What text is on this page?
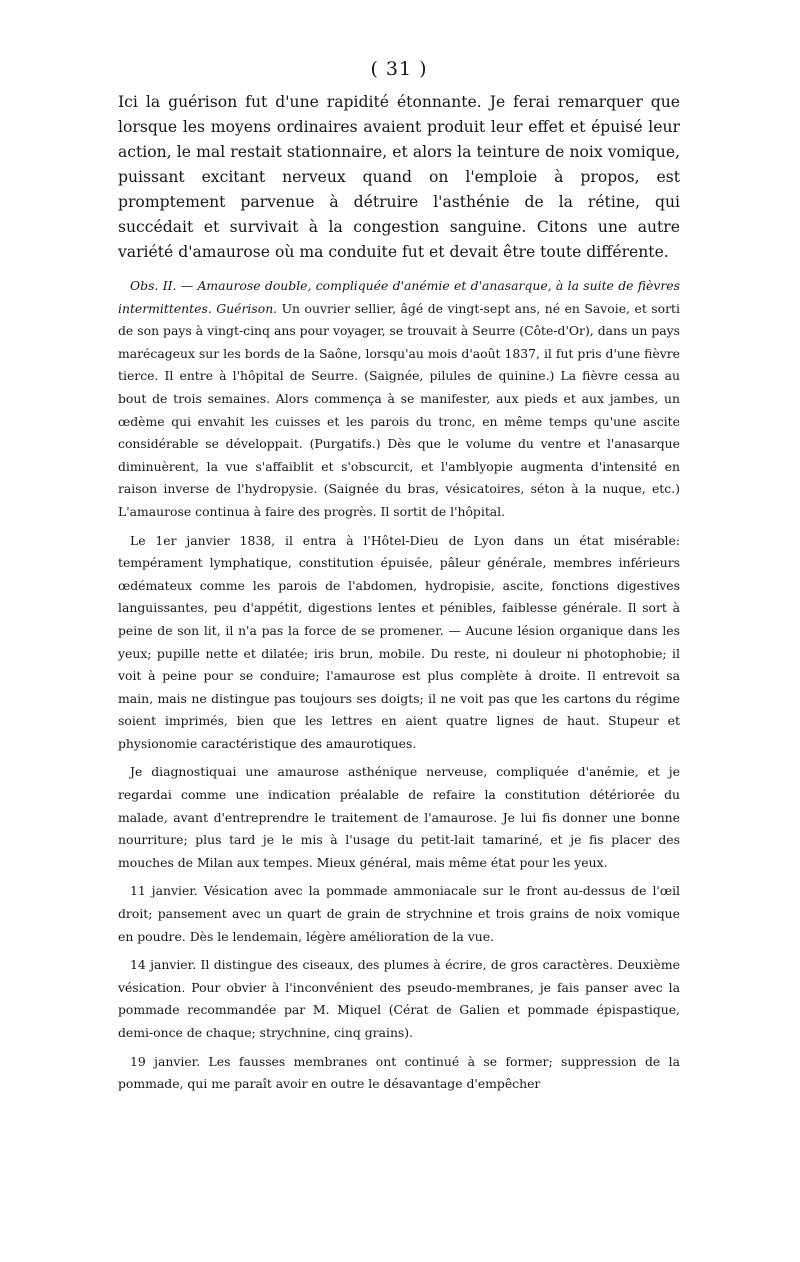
( 31 )

Ici la guérison fut d'une rapidité étonnante. Je ferai remarquer que lorsque les moyens ordinaires avaient produit leur effet et épuisé leur action, le mal restait stationnaire, et alors la teinture de noix vomique, puissant excitant nerveux quand on l'emploie à propos, est promptement parvenue à détruire l'asthénie de la rétine, qui succédait et survivait à la congestion sanguine. Citons une autre variété d'amaurose où ma conduite fut et devait être toute différente.

Obs. II. — Amaurose double, compliquée d'anémie et d'anasarque, à la suite de fièvres intermittentes. Guérison. Un ouvrier sellier, âgé de vingt-sept ans, né en Savoie, et sorti de son pays à vingt-cinq ans pour voyager, se trouvait à Seurre (Côte-d'Or), dans un pays marécageux sur les bords de la Saône, lorsqu'au mois d'août 1837, il fut pris d'une fièvre tierce. Il entre à l'hôpital de Seurre. (Saignée, pilules de quinine.) La fièvre cessa au bout de trois semaines. Alors commença à se manifester, aux pieds et aux jambes, un œdème qui envahit les cuisses et les parois du tronc, en même temps qu'une ascite considérable se développait. (Purgatifs.) Dès que le volume du ventre et l'anasarque diminuèrent, la vue s'affaiblit et s'obscurcit, et l'amblyopie augmenta d'intensité en raison inverse de l'hydropysie. (Saignée du bras, vésicatoires, séton à la nuque, etc.) L'amaurose continua à faire des progrès. Il sortit de l'hôpital.

Le 1er janvier 1838, il entra à l'Hôtel-Dieu de Lyon dans un état misérable: tempérament lymphatique, constitution épuisée, pâleur générale, membres inférieurs œdémateux comme les parois de l'abdomen, hydropisie, ascite, fonctions digestives languissantes, peu d'appétit, digestions lentes et pénibles, faiblesse générale. Il sort à peine de son lit, il n'a pas la force de se promener. — Aucune lésion organique dans les yeux; pupille nette et dilatée; iris brun, mobile. Du reste, ni douleur ni photophobie; il voit à peine pour se conduire; l'amaurose est plus complète à droite. Il entrevoit sa main, mais ne distingue pas toujours ses doigts; il ne voit pas que les cartons du régime soient imprimés, bien que les lettres en aient quatre lignes de haut. Stupeur et physionomie caractéristique des amaurotiques.

Je diagnostiquai une amaurose asthénique nerveuse, compliquée d'anémie, et je regardai comme une indication préalable de refaire la constitution détériorée du malade, avant d'entreprendre le traitement de l'amaurose. Je lui fis donner une bonne nourriture; plus tard je le mis à l'usage du petit-lait tamariné, et je fis placer des mouches de Milan aux tempes. Mieux général, mais même état pour les yeux.

11 janvier. Vésication avec la pommade ammoniacale sur le front au-dessus de l'œil droit; pansement avec un quart de grain de strychnine et trois grains de noix vomique en poudre. Dès le lendemain, légère amélioration de la vue.

14 janvier. Il distingue des ciseaux, des plumes à écrire, de gros caractères. Deuxième vésication. Pour obvier à l'inconvénient des pseudo-membranes, je fais panser avec la pommade recommandée par M. Miquel (Cérat de Galien et pommade épispastique, demi-once de chaque; strychnine, cinq grains).

19 janvier. Les fausses membranes ont continué à se former; suppression de la pommade, qui me paraît avoir en outre le désavantage d'empêcher
